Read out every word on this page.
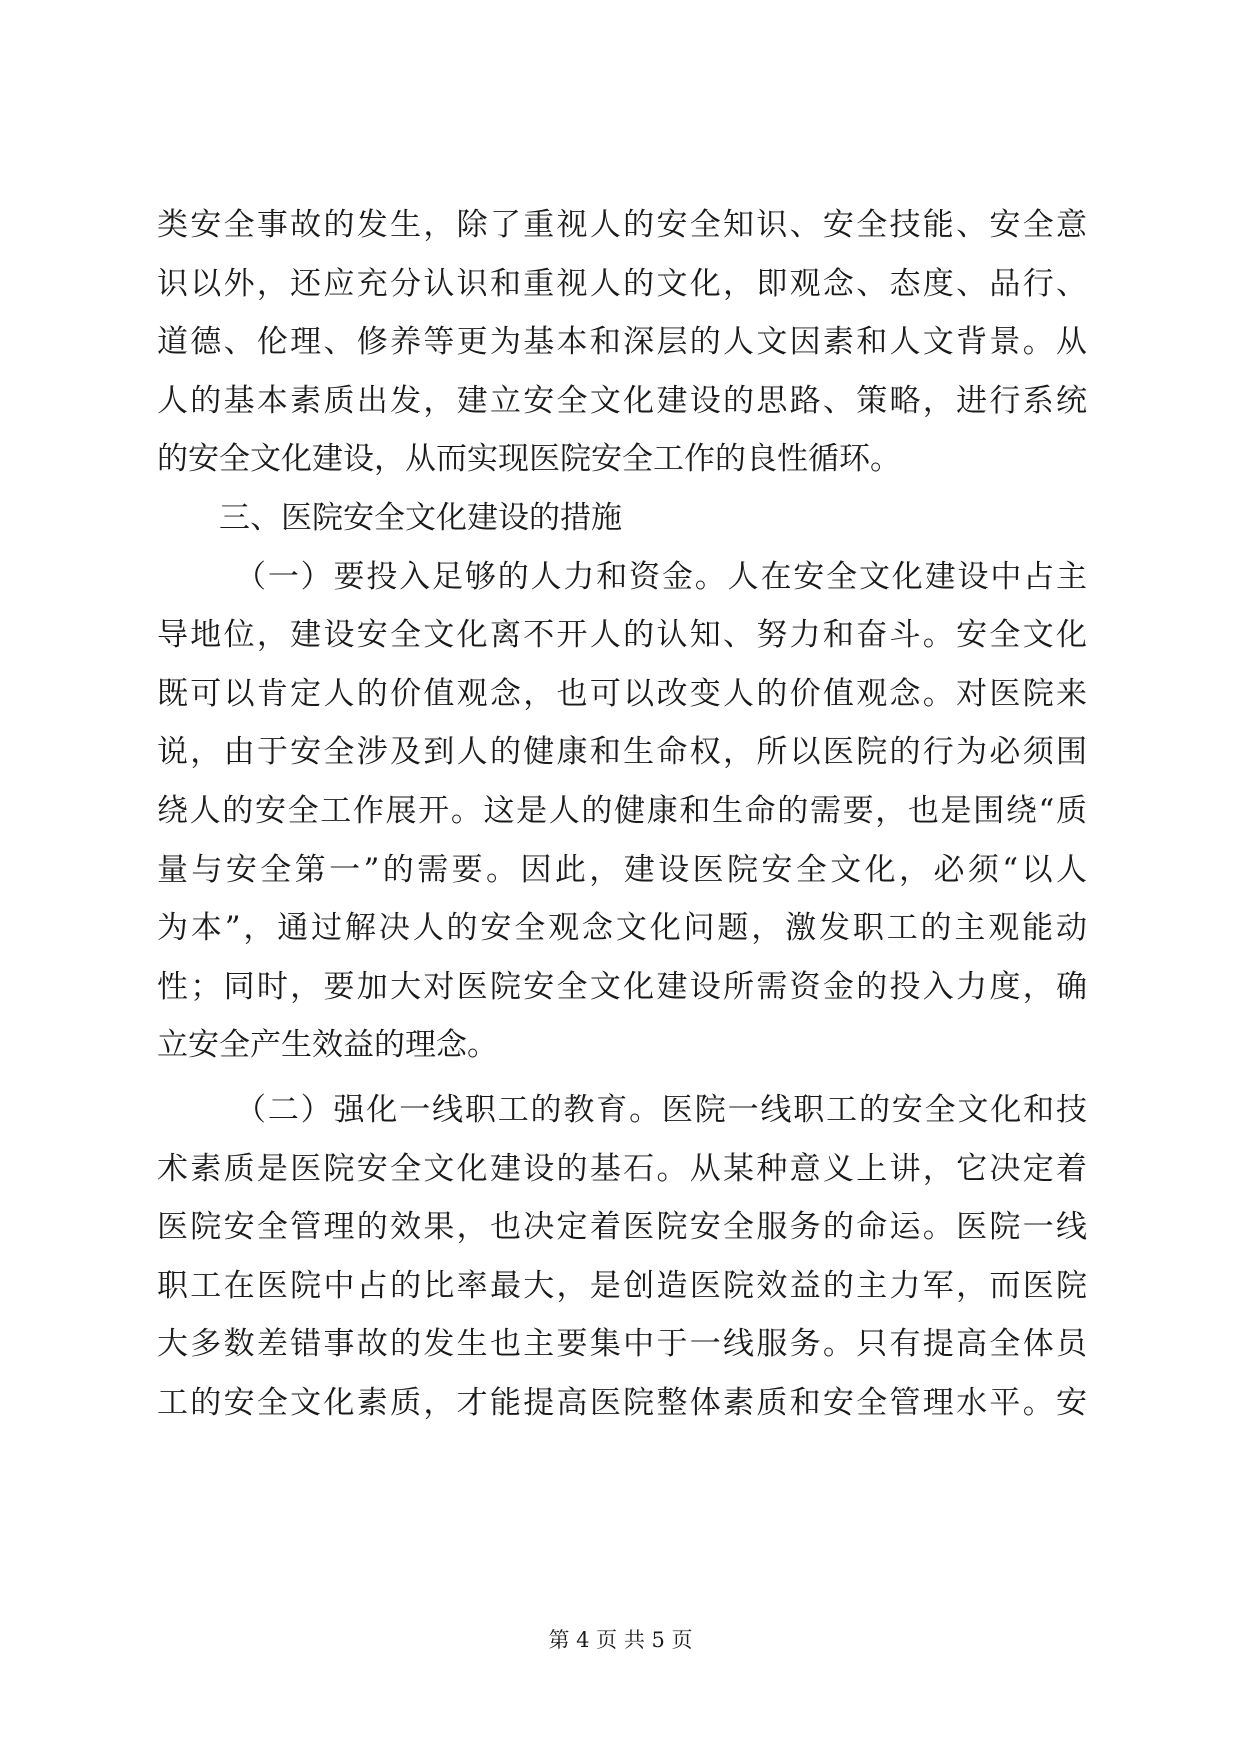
类安全事故的发生，除了重视人的安全知识、安全技能、安全意
识以外，还应充分认识和重视人的文化，即观念、态度、品行、
道德、伦理、修养等更为基本和深层的人文因素和人文背景。从
人的基本素质出发，建立安全文化建设的思路、策略，进行系统
的安全文化建设，从而实现医院安全工作的良性循环。
三、医院安全文化建设的措施
（一）要投入足够的人力和资金。人在安全文化建设中占主
导地位，建设安全文化离不开人的认知、努力和奋斗。安全文化
既可以肯定人的价值观念，也可以改变人的价值观念。对医院来
说，由于安全涉及到人的健康和生命权，所以医院的行为必须围
绕人的安全工作展开。这是人的健康和生命的需要，也是围绕“质
量与安全第一”的需要。因此，建设医院安全文化，必须“以人
为本”，通过解决人的安全观念文化问题，激发职工的主观能动
性；同时，要加大对医院安全文化建设所需资金的投入力度，确
立安全产生效益的理念。
（二）强化一线职工的教育。医院一线职工的安全文化和技
术素质是医院安全文化建设的基石。从某种意义上讲，它决定着
医院安全管理的效果，也决定着医院安全服务的命运。医院一线
职工在医院中占的比率最大，是创造医院效益的主力军，而医院
大多数差错事故的发生也主要集中于一线服务。只有提高全体员
工的安全文化素质，才能提高医院整体素质和安全管理水平。安
第 4 页 共 5 页
